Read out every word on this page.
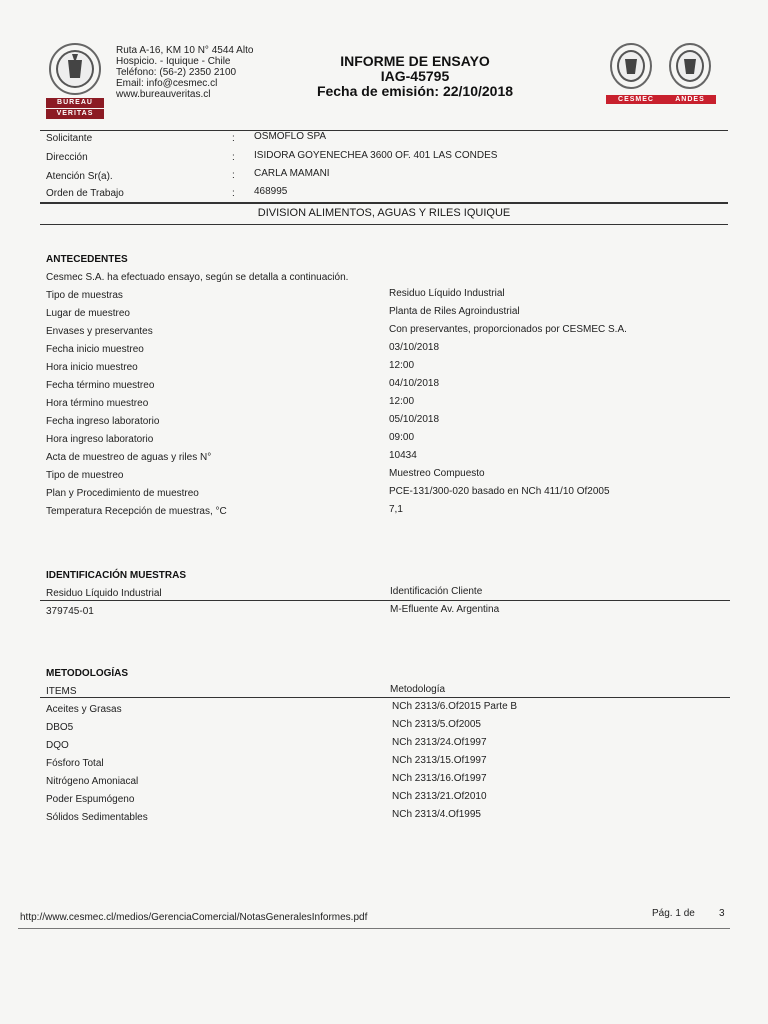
BUREAU
VERITAS
Ruta A-16, KM 10 N° 4544 Alto
Hospicio. - Iquique - Chile
Teléfono: (56-2) 2350 2100
Email: info@cesmec.cl
www.bureauveritas.cl
INFORME DE ENSAYO
IAG-45795
Fecha de emisión: 22/10/2018
CESMEC	ANDES
Solicitante	: OSMOFLO SPA
Dirección	: ISIDORA GOYENECHEA 3600 OF. 401 LAS CONDES
Atención Sr(a).	: CARLA MAMANI
Orden de Trabajo	: 468995
DIVISION ALIMENTOS, AGUAS Y RILES IQUIQUE
ANTECEDENTES
Cesmec S.A. ha efectuado ensayo, según se detalla a continuación.
Tipo de muestras	Residuo Líquido Industrial
Lugar de muestreo	Planta de Riles Agroindustrial
Envases y preservantes	Con preservantes, proporcionados por CESMEC S.A.
Fecha inicio muestreo	03/10/2018
Hora inicio muestreo	12:00
Fecha término muestreo	04/10/2018
Hora término muestreo	12:00
Fecha ingreso laboratorio	05/10/2018
Hora ingreso laboratorio	09:00
Acta de muestreo de aguas y riles N°	10434
Tipo de muestreo	Muestreo Compuesto
Plan y Procedimiento de muestreo	PCE-131/300-020 basado en NCh 411/10 Of2005
Temperatura Recepción de muestras, °C	7,1
IDENTIFICACIÓN MUESTRAS
Residuo Líquido Industrial	Identificación Cliente
379745-01	M-Efluente Av. Argentina
METODOLOGÍAS
ITEMS	Metodología
Aceites y Grasas	NCh 2313/6.Of2015 Parte B
DBO5	NCh 2313/5.Of2005
DQO	NCh 2313/24.Of1997
Fósforo Total	NCh 2313/15.Of1997
Nitrógeno Amoniacal	NCh 2313/16.Of1997
Poder Espumógeno	NCh 2313/21.Of2010
Sólidos Sedimentables	NCh 2313/4.Of1995
http://www.cesmec.cl/medios/GerenciaComercial/NotasGeneralesInformes.pdf	Pág. 1 de 3
